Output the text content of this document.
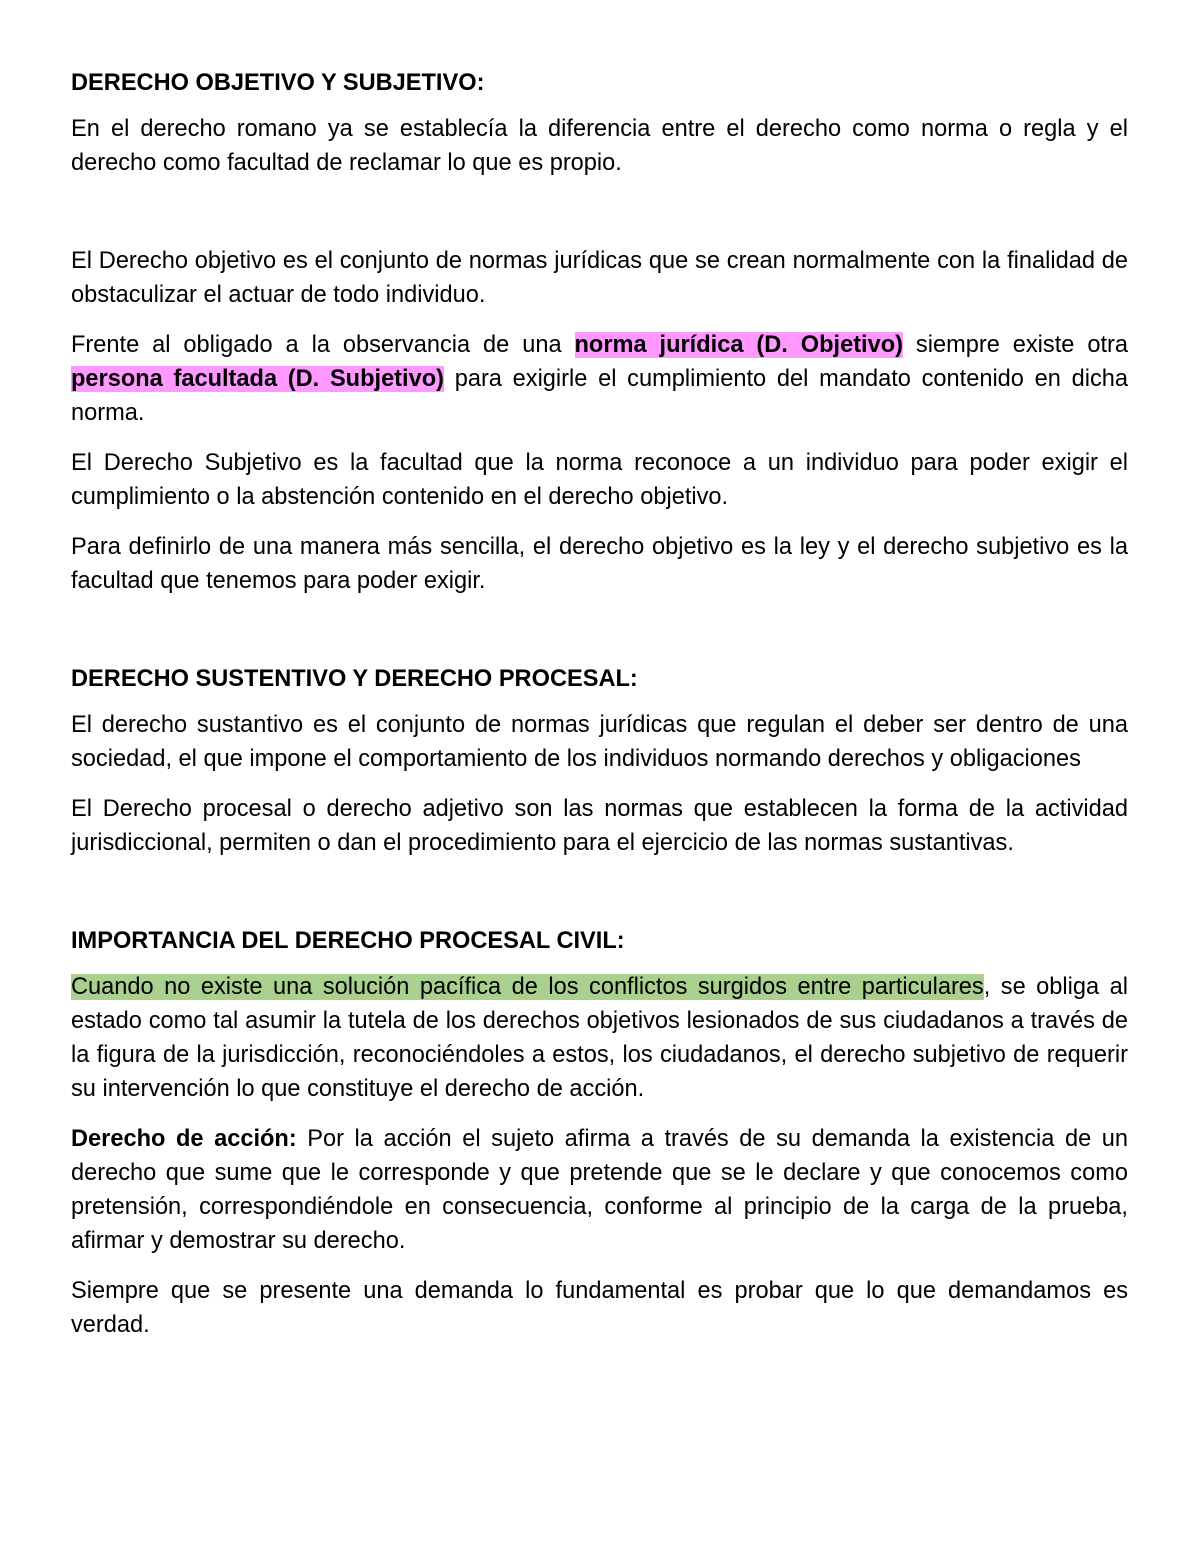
DERECHO OBJETIVO Y SUBJETIVO:
En el derecho romano ya se establecía la diferencia entre el derecho como norma o regla y el derecho como facultad de reclamar lo que es propio.
El Derecho objetivo es el conjunto de normas jurídicas que se crean normalmente con la finalidad de obstaculizar el actuar de todo individuo.
Frente al obligado a la observancia de una norma jurídica (D. Objetivo) siempre existe otra persona facultada (D. Subjetivo) para exigirle el cumplimiento del mandato contenido en dicha norma.
El Derecho Subjetivo es la facultad que la norma reconoce a un individuo para poder exigir el cumplimiento o la abstención contenido en el derecho objetivo.
Para definirlo de una manera más sencilla, el derecho objetivo es la ley y el derecho subjetivo es la facultad que tenemos para poder exigir.
DERECHO SUSTENTIVO Y DERECHO PROCESAL:
El derecho sustantivo es el conjunto de normas jurídicas que regulan el deber ser dentro de una sociedad, el que impone el comportamiento de los individuos normando derechos y obligaciones
El Derecho procesal o derecho adjetivo son las normas que establecen la forma de la actividad jurisdiccional, permiten o dan el procedimiento para el ejercicio de las normas sustantivas.
IMPORTANCIA DEL DERECHO PROCESAL CIVIL:
Cuando no existe una solución pacífica de los conflictos surgidos entre particulares, se obliga al estado como tal asumir la tutela de los derechos objetivos lesionados de sus ciudadanos a través de la figura de la jurisdicción, reconociéndoles a estos, los ciudadanos, el derecho subjetivo de requerir su intervención lo que constituye el derecho de acción.
Derecho de acción: Por la acción el sujeto afirma a través de su demanda la existencia de un derecho que sume que le corresponde y que pretende que se le declare y que conocemos como pretensión, correspondiéndole en consecuencia, conforme al principio de la carga de la prueba, afirmar y demostrar su derecho.
Siempre que se presente una demanda lo fundamental es probar que lo que demandamos es verdad.
